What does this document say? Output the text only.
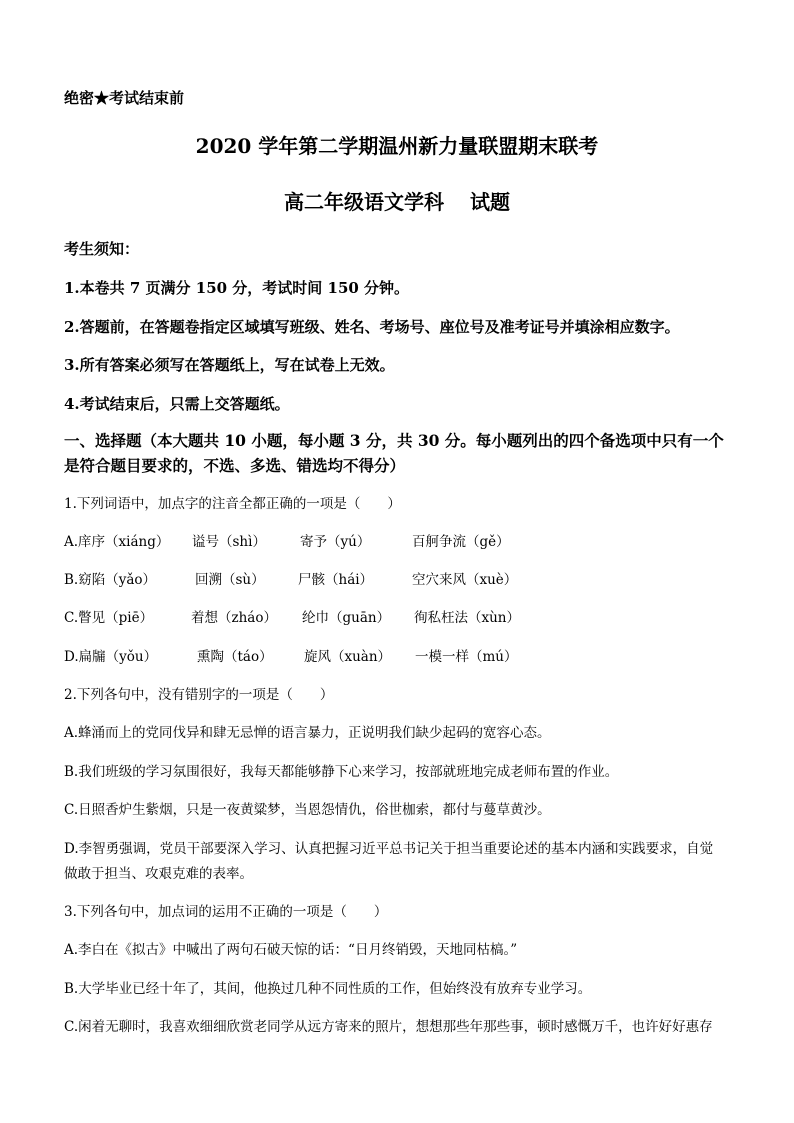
绝密★考试结束前
2020 学年第二学期温州新力量联盟期末联考
高二年级语文学科 试题
考生须知：
1.本卷共 7 页满分 150 分，考试时间 150 分钟。
2.答题前，在答题卷指定区域填写班级、姓名、考场号、座位号及准考证号并填涂相应数字。
3.所有答案必须写在答题纸上，写在试卷上无效。
4.考试结束后，只需上交答题纸。
一、选择题（本大题共 10 小题，每小题 3 分，共 30 分。每小题列出的四个备选项中只有一个
是符合题目要求的，不选、多选、错选均不得分）
1.下列词语中，加点字的注音全都正确的一项是（　　）
A.庠序（xiáng） 谥号（shì）	寄予（yú）	百舸争流（gě）
B.窈陷（yǎo）	回溯（sù） 尸骸（hái）	空穴来风（xuè）
C.瞥见（piē）	着想（zháo） 纶巾（guān） 徇私枉法（xùn）
D.扁牖（yǒu）	熏陶（táo） 旋风（xuàn） 一模一样（mú）
2.下列各句中，没有错别字的一项是（　　）
A.蜂涌而上的党同伐异和肆无忌惮的语言暴力，正说明我们缺少起码的宽容心态。
B.我们班级的学习氛围很好，我每天都能够静下心来学习，按部就班地完成老师布置的作业。
C.日照香炉生紫烟，只是一夜黄粱梦，当恩怨情仇，俗世枷索，都付与蔓草黄沙。
D.李智勇强调，党员干部要深入学习、认真把握习近平总书记关于担当重要论述的基本内涵和实践要求，自觉
做敢于担当、攻艰克难的表率。
3.下列各句中，加点词的运用不正确的一项是（　　）
A.李白在《拟古》中喊出了两句石破天惊的话：“日月终销毁，天地同枯槁。”
B.大学毕业已经十年了，其间，他换过几种不同性质的工作，但始终没有放弃专业学习。
C.闲着无聊时，我喜欢细细欣赏老同学从远方寄来的照片，想想那些年那些事，顿时感慨万千，也许好好惠存
